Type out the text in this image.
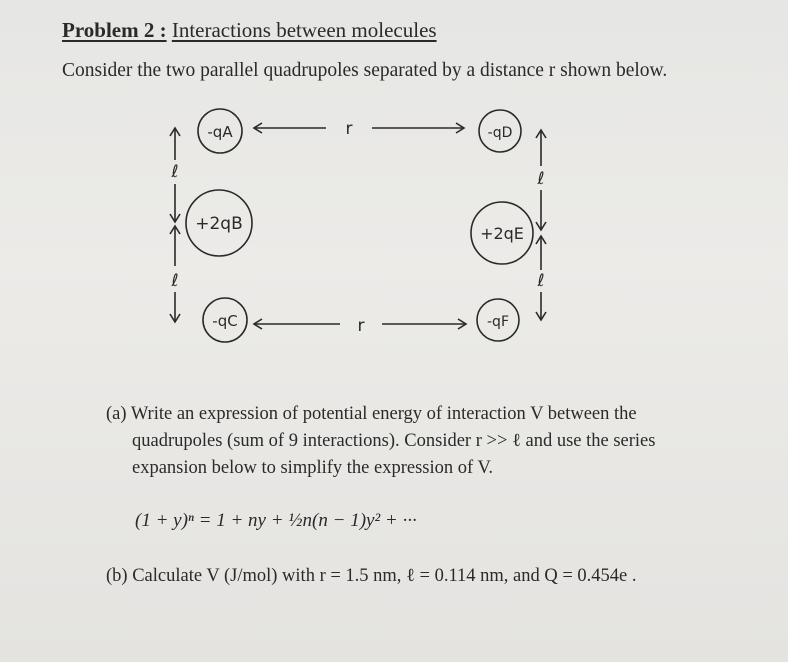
Problem 2 : Interactions between molecules
Consider the two parallel quadrupoles separated by a distance r shown below.
-qA
+2qB
-qC
-qD
+2qE
-qF
r
r
ℓ
ℓ
ℓ
ℓ
(a) Write an expression of potential energy of interaction V between the
quadrupoles (sum of 9 interactions). Consider r >> ℓ and use the series
expansion below to simplify the expression of V.
(1 + y)ⁿ = 1 + ny + ½n(n − 1)y² + ···
(b) Calculate V (J/mol) with r = 1.5 nm, ℓ = 0.114 nm, and Q = 0.454e .
